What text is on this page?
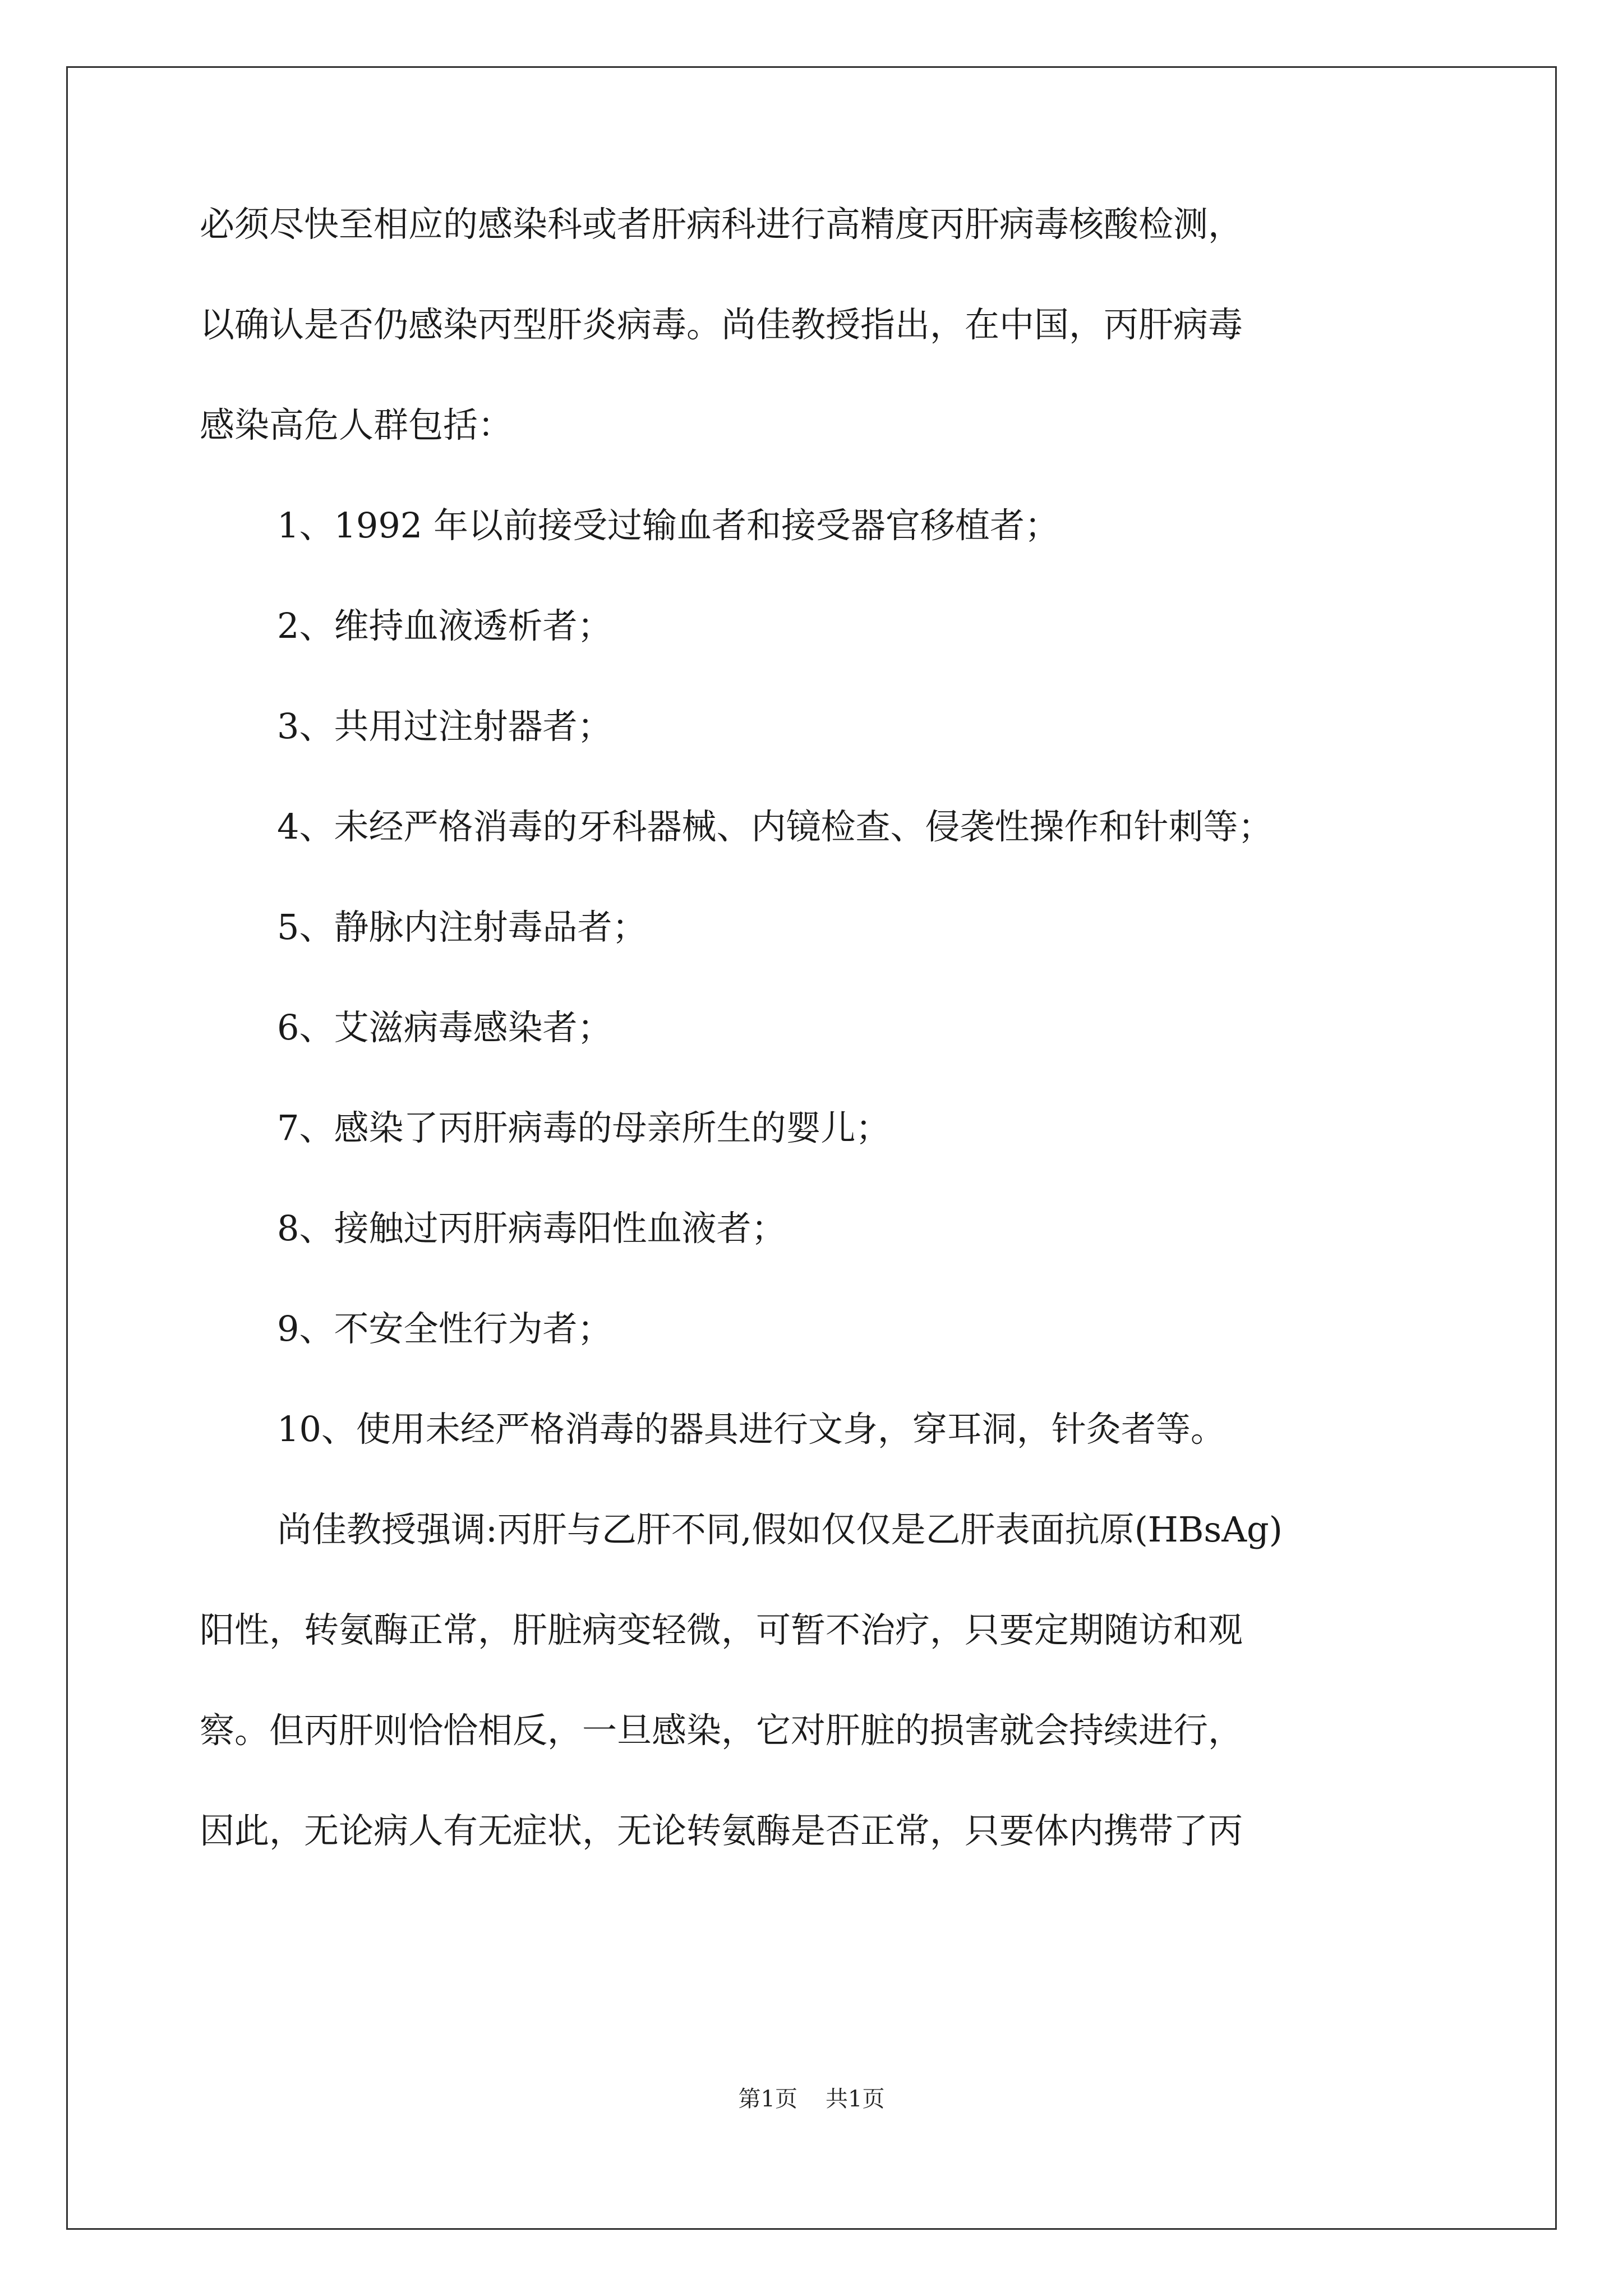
必须尽快至相应的感染科或者肝病科进行高精度丙肝病毒核酸检测，
以确认是否仍感染丙型肝炎病毒。尚佳教授指出，在中国，丙肝病毒
感染高危人群包括：
1、1992 年以前接受过输血者和接受器官移植者；
2、维持血液透析者；
3、共用过注射器者；
4、未经严格消毒的牙科器械、内镜检查、侵袭性操作和针刺等；
5、静脉内注射毒品者；
6、艾滋病毒感染者；
7、感染了丙肝病毒的母亲所生的婴儿；
8、接触过丙肝病毒阳性血液者；
9、不安全性行为者；
10、使用未经严格消毒的器具进行文身，穿耳洞，针灸者等。
尚佳教授强调:丙肝与乙肝不同,假如仅仅是乙肝表面抗原(HBsAg)
阳性，转氨酶正常，肝脏病变轻微，可暂不治疗，只要定期随访和观
察。但丙肝则恰恰相反，一旦感染，它对肝脏的损害就会持续进行，
因此，无论病人有无症状，无论转氨酶是否正常，只要体内携带了丙
第1页 共1页
